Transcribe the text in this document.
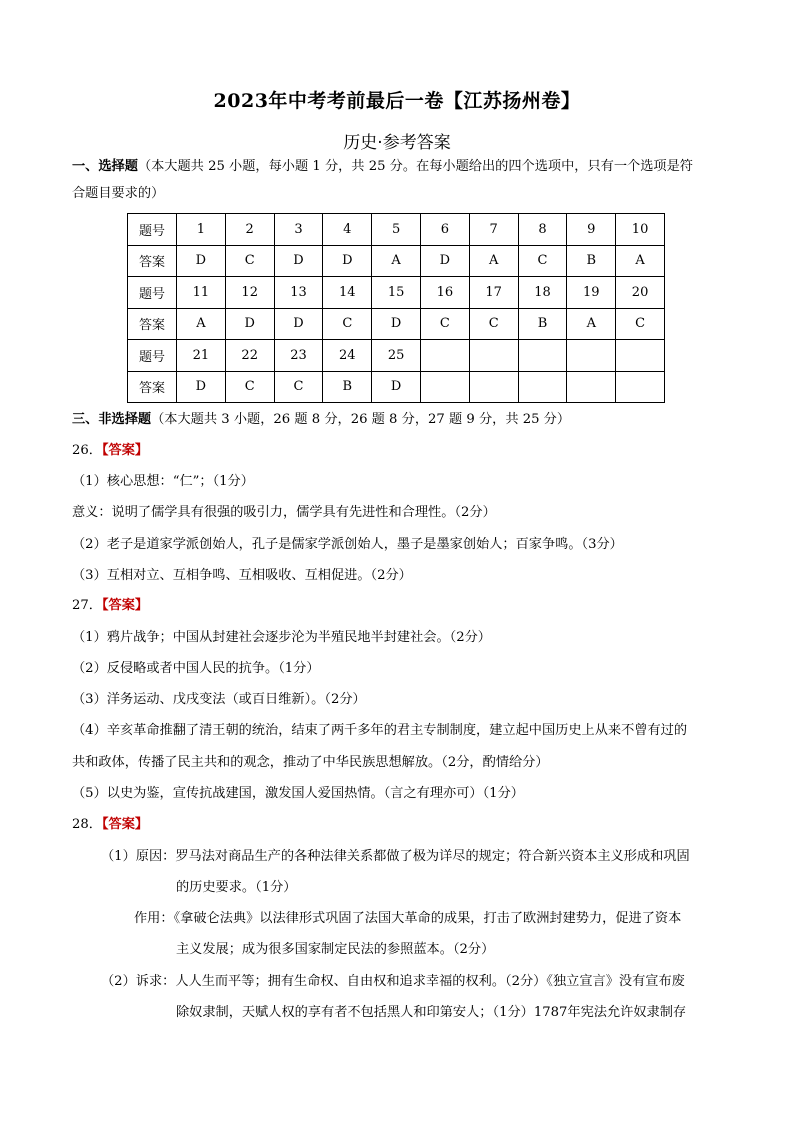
2023年中考考前最后一卷【江苏扬州卷】
历史·参考答案
一、选择题（本大题共 25 小题，每小题 1 分，共 25 分。在每小题给出的四个选项中，只有一个选项是符
合题目要求的）
题号	1	2	3	4	5	6	7	8	9	10
答案	D	C	D	D	A	D	A	C	B	A
题号	11	12	13	14	15	16	17	18	19	20
答案	A	D	D	C	D	C	C	B	A	C
题号	21	22	23	24	25					
答案	D	C	C	B	D					
三、非选择题（本大题共 3 小题，26 题 8 分，26 题 8 分，27 题 9 分，共 25 分）
26．【答案】
（1）核心思想：“仁”；（1分）
意义：说明了儒学具有很强的吸引力，儒学具有先进性和合理性。（2分）
（2）老子是道家学派创始人，孔子是儒家学派创始人，墨子是墨家创始人；百家争鸣。（3分）
（3）互相对立、互相争鸣、互相吸收、互相促进。（2分）
27．【答案】
（1）鸦片战争；中国从封建社会逐步沦为半殖民地半封建社会。（2分）
（2）反侵略或者中国人民的抗争。（1分）
（3）洋务运动、戊戌变法（或百日维新）。（2分）
（4）辛亥革命推翻了清王朝的统治，结束了两千多年的君主专制制度，建立起中国历史上从来不曾有过的
共和政体，传播了民主共和的观念，推动了中华民族思想解放。（2分，酌情给分）
（5）以史为鉴，宣传抗战建国，激发国人爱国热情。（言之有理亦可）（1分）
28．【答案】
（1）原因：罗马法对商品生产的各种法律关系都做了极为详尽的规定；符合新兴资本主义形成和巩固
的历史要求。（1分）
作用：《拿破仑法典》以法律形式巩固了法国大革命的成果，打击了欧洲封建势力，促进了资本
主义发展；成为很多国家制定民法的参照蓝本。（2分）
（2）诉求：人人生而平等；拥有生命权、自由权和追求幸福的权利。（2分）《独立宣言》没有宣布废
除奴隶制，天赋人权的享有者不包括黑人和印第安人；（1分）1787年宪法允许奴隶制存
